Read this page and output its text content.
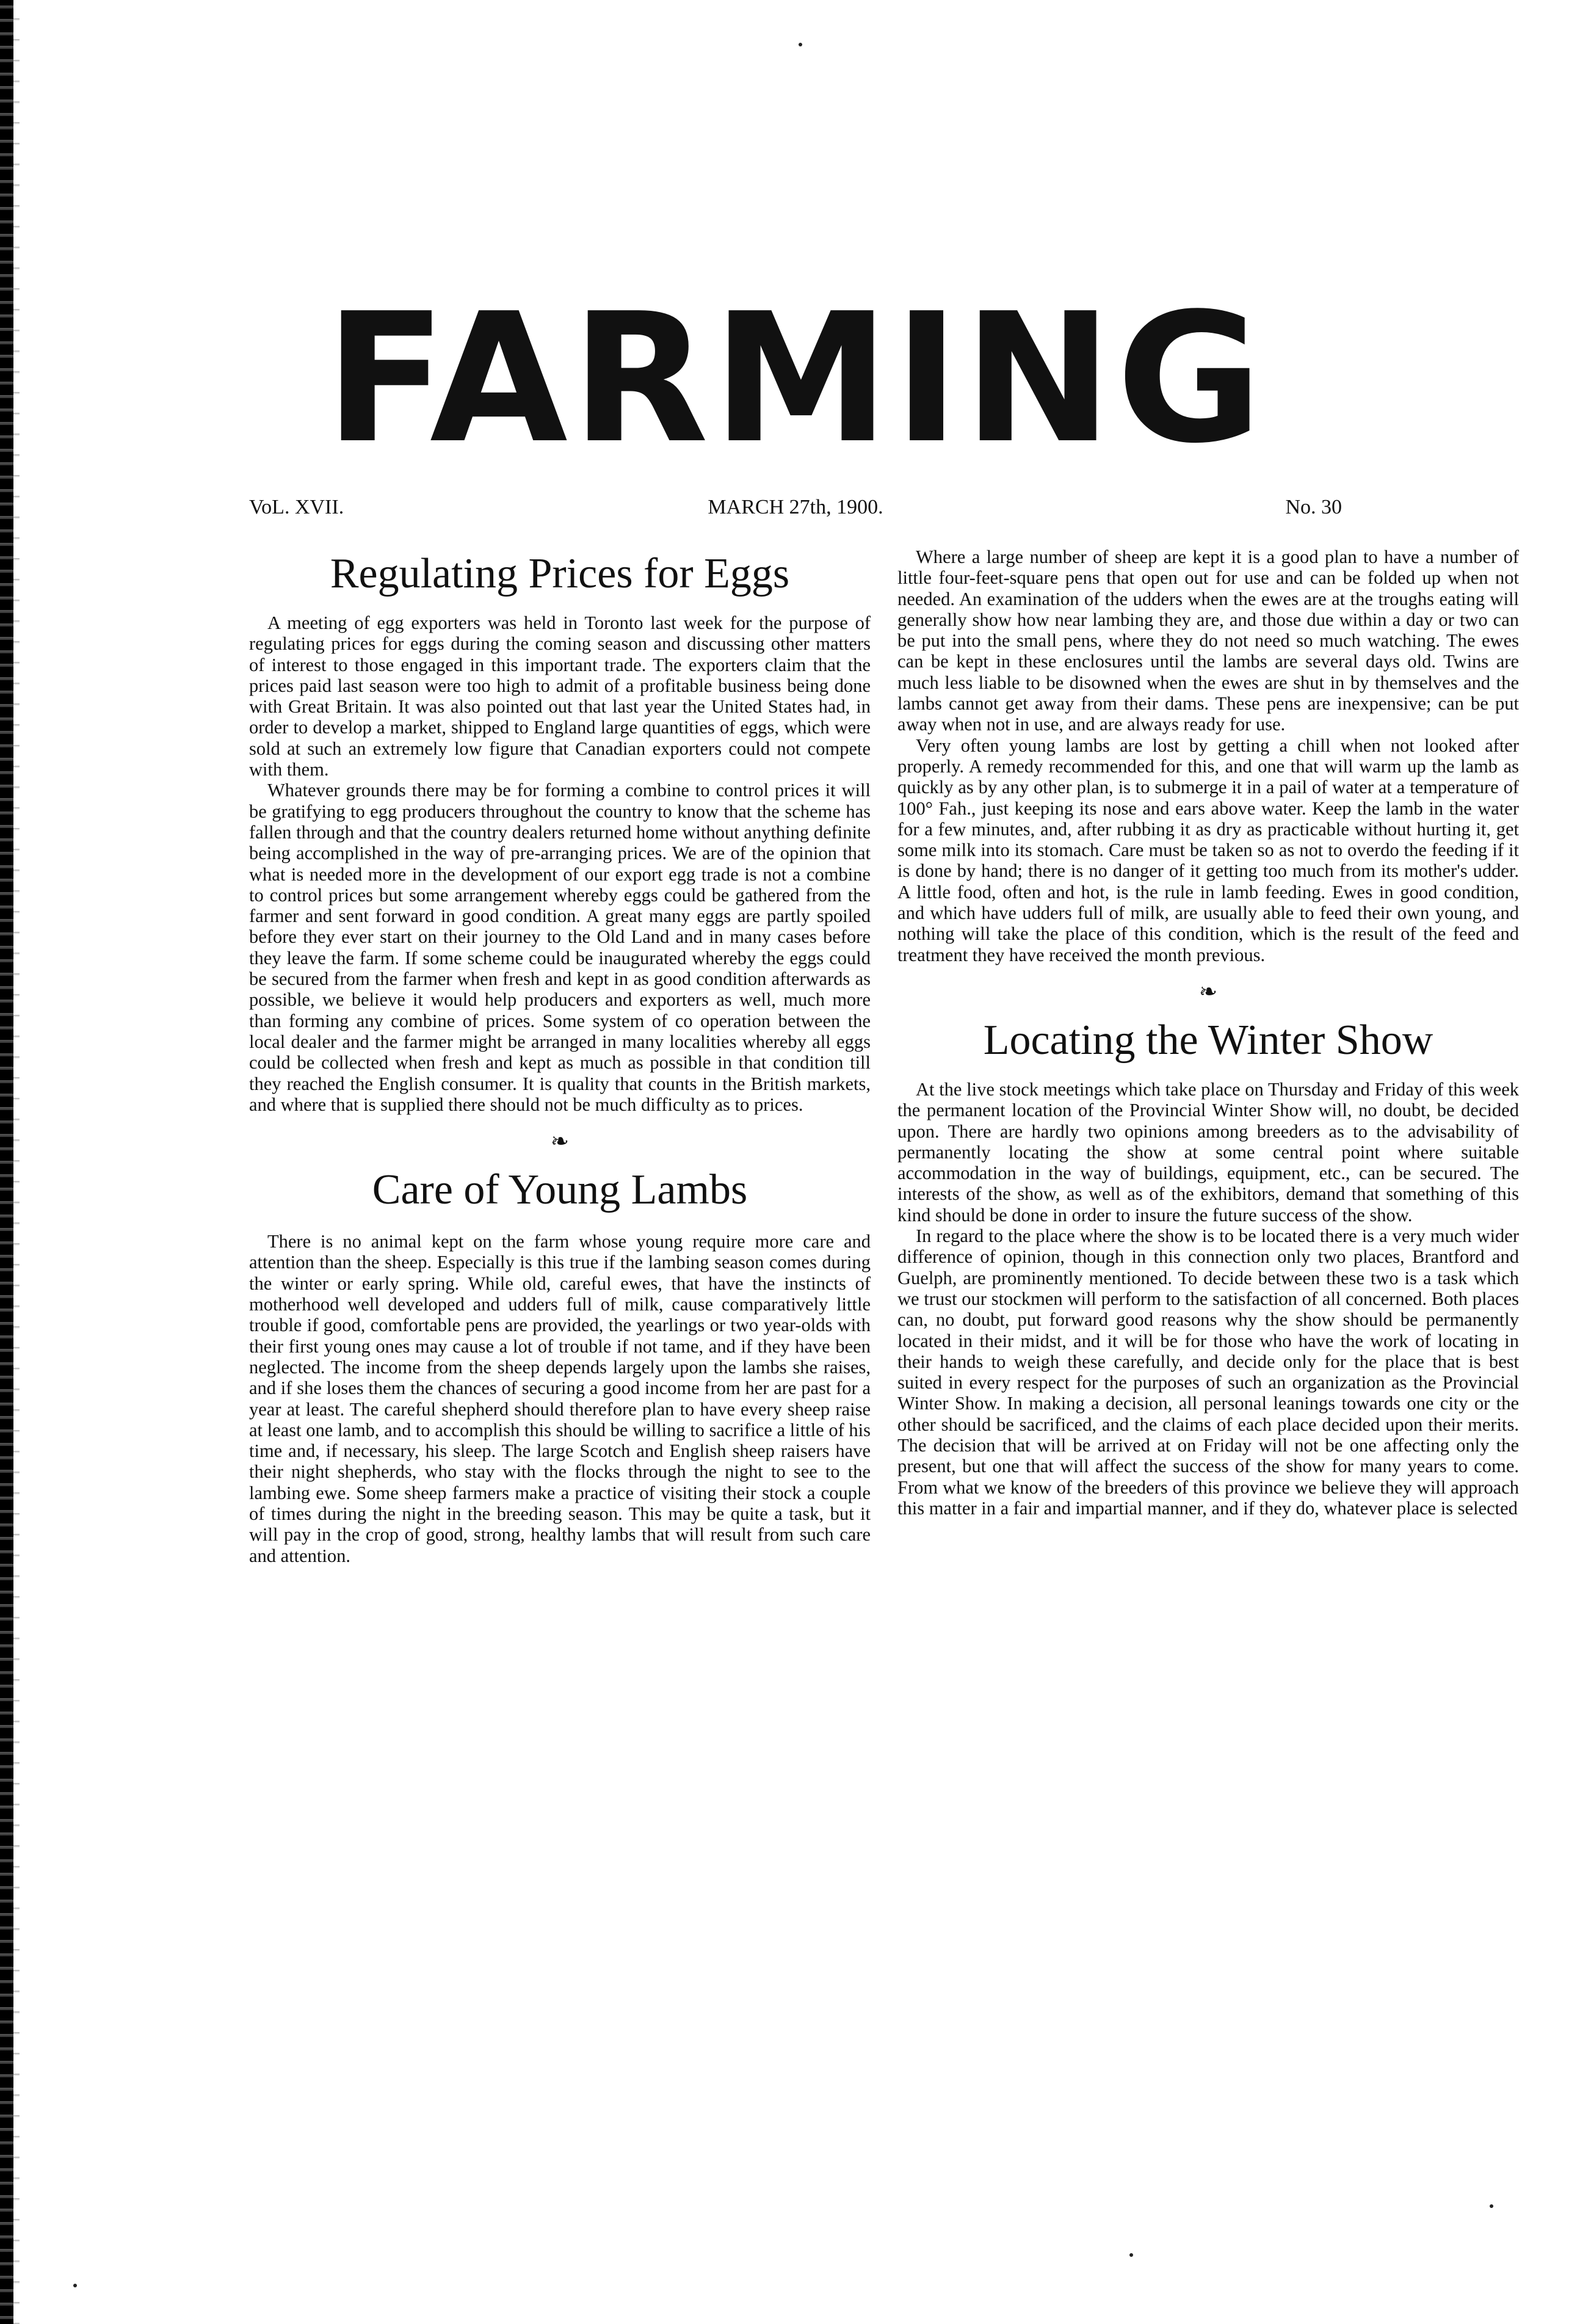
FARMING
VoL. XVII.	MARCH 27th, 1900.	No. 30
Regulating Prices for Eggs

A meeting of egg exporters was held in Toronto last week for the purpose of regulating prices for eggs during the coming season and discussing other matters of interest to those engaged in this important trade. The exporters claim that the prices paid last season were too high to admit of a profitable business being done with Great Britain. It was also pointed out that last year the United States had, in order to develop a market, shipped to England large quantities of eggs, which were sold at such an extremely low figure that Canadian exporters could not compete with them.

Whatever grounds there may be for forming a combine to control prices it will be gratifying to egg producers throughout the country to know that the scheme has fallen through and that the country dealers returned home without anything definite being accomplished in the way of pre-arranging prices. We are of the opinion that what is needed more in the development of our export egg trade is not a combine to control prices but some arrangement whereby eggs could be gathered from the farmer and sent forward in good condition. A great many eggs are partly spoiled before they ever start on their journey to the Old Land and in many cases before they leave the farm. If some scheme could be inaugurated whereby the eggs could be secured from the farmer when fresh and kept in as good condition afterwards as possible, we believe it would help producers and exporters as well, much more than forming any combine of prices. Some system of co operation between the local dealer and the farmer might be arranged in many localities whereby all eggs could be collected when fresh and kept as much as possible in that condition till they reached the English consumer. It is quality that counts in the British markets, and where that is supplied there should not be much difficulty as to prices.

❧
Care of Young Lambs

There is no animal kept on the farm whose young require more care and attention than the sheep. Especially is this true if the lambing season comes during the winter or early spring. While old, careful ewes, that have the instincts of motherhood well developed and udders full of milk, cause comparatively little trouble if good, comfortable pens are provided, the yearlings or two year-olds with their first young ones may cause a lot of trouble if not tame, and if they have been neglected. The income from the sheep depends largely upon the lambs she raises, and if she loses them the chances of securing a good income from her are past for a year at least. The careful shepherd should therefore plan to have every sheep raise at least one lamb, and to accomplish this should be willing to sacrifice a little of his time and, if necessary, his sleep. The large Scotch and English sheep raisers have their night shepherds, who stay with the flocks through the night to see to the lambing ewe. Some sheep farmers make a practice of visiting their stock a couple of times during the night in the breeding season. This may be quite a task, but it will pay in the crop of good, strong, healthy lambs that will result from such care and attention.

Where a large number of sheep are kept it is a good plan to have a number of little four-feet-square pens that open out for use and can be folded up when not needed. An examination of the udders when the ewes are at the troughs eating will generally show how near lambing they are, and those due within a day or two can be put into the small pens, where they do not need so much watching. The ewes can be kept in these enclosures until the lambs are several days old. Twins are much less liable to be disowned when the ewes are shut in by themselves and the lambs cannot get away from their dams. These pens are inexpensive; can be put away when not in use, and are always ready for use.

Very often young lambs are lost by getting a chill when not looked after properly. A remedy recommended for this, and one that will warm up the lamb as quickly as by any other plan, is to submerge it in a pail of water at a temperature of 100° Fah., just keeping its nose and ears above water. Keep the lamb in the water for a few minutes, and, after rubbing it as dry as practicable without hurting it, get some milk into its stomach. Care must be taken so as not to overdo the feeding if it is done by hand; there is no danger of it getting too much from its mother's udder. A little food, often and hot, is the rule in lamb feeding. Ewes in good condition, and which have udders full of milk, are usually able to feed their own young, and nothing will take the place of this condition, which is the result of the feed and treatment they have received the month previous.

❧
Locating the Winter Show

At the live stock meetings which take place on Thursday and Friday of this week the permanent location of the Provincial Winter Show will, no doubt, be decided upon. There are hardly two opinions among breeders as to the advisability of permanently locating the show at some central point where suitable accommodation in the way of buildings, equipment, etc., can be secured. The interests of the show, as well as of the exhibitors, demand that something of this kind should be done in order to insure the future success of the show.

In regard to the place where the show is to be located there is a very much wider difference of opinion, though in this connection only two places, Brantford and Guelph, are prominently mentioned. To decide between these two is a task which we trust our stockmen will perform to the satisfaction of all concerned. Both places can, no doubt, put forward good reasons why the show should be permanently located in their midst, and it will be for those who have the work of locating in their hands to weigh these carefully, and decide only for the place that is best suited in every respect for the purposes of such an organization as the Provincial Winter Show. In making a decision, all personal leanings towards one city or the other should be sacrificed, and the claims of each place decided upon their merits. The decision that will be arrived at on Friday will not be one affecting only the present, but one that will affect the success of the show for many years to come. From what we know of the breeders of this province we believe they will approach this matter in a fair and impartial manner, and if they do, whatever place is selected
